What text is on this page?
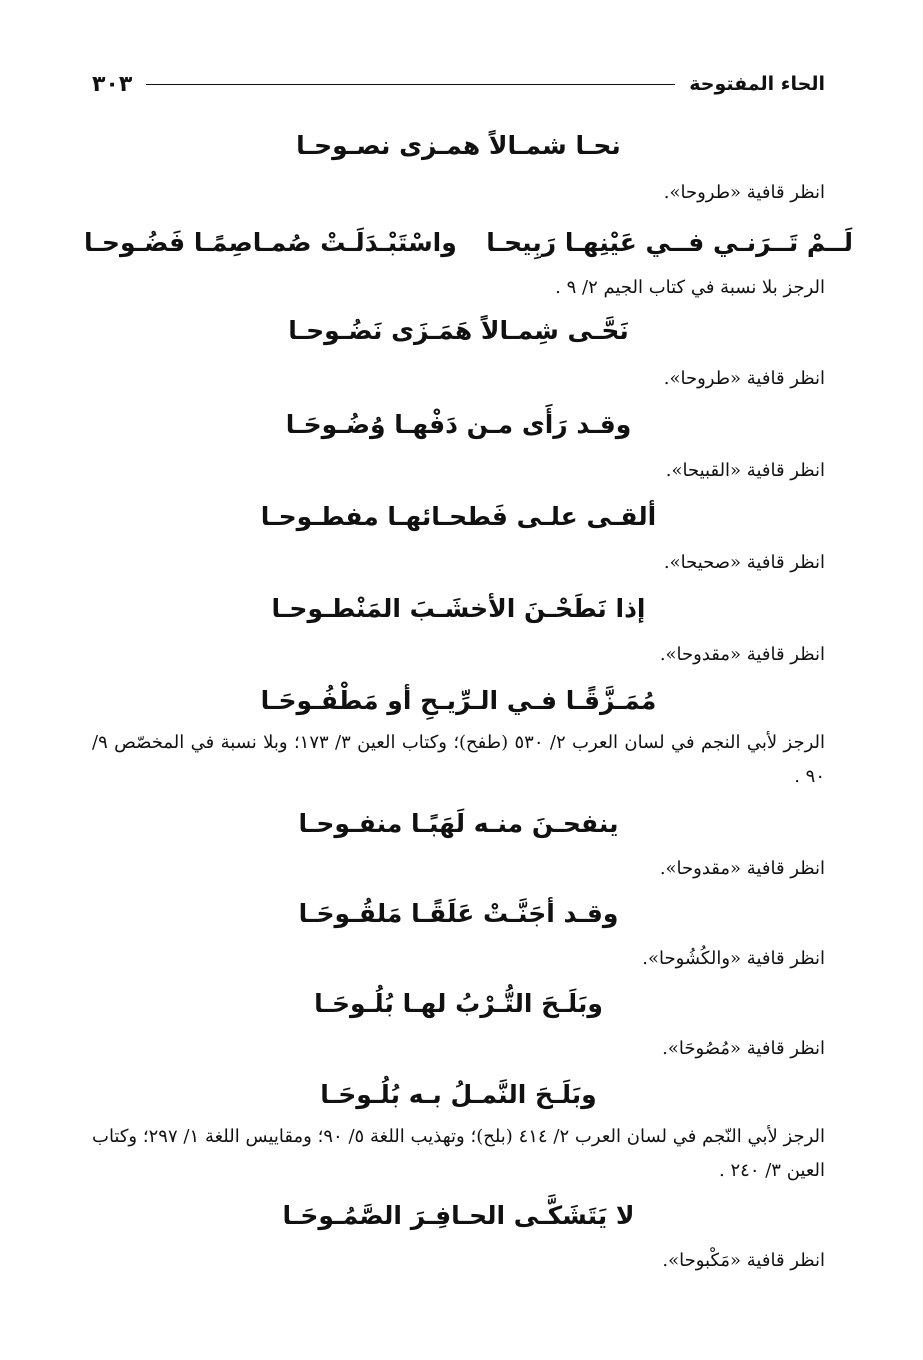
الحاء المفتوحة
٣٠٣
نحـا شمـالاً همـزى نصـوحـا
انظر قافية «طروحا».
لَــمْ تَــرَنـي فــي عَيْنِهـا رَبِيحـا
واسْتَبْـدَلَـتْ صُمـاصِمًـا فَضُـوحـا
الرجز بلا نسبة في كتاب الجيم ٢/ ٩ .
نَحَّـى شِمـالاً هَمَـزَى نَضُـوحـا
انظر قافية «طروحا».
وقـد رَأَى مـن دَفْهـا وُضُـوحَـا
انظر قافية «القبيحا».
ألقـى علـى فَطحـائهـا مفطـوحـا
انظر قافية «صحيحا».
إذا نَطَحْـنَ الأخشَـبَ المَنْطـوحـا
انظر قافية «مقدوحا».
مُمَـزَّقًـا فـي الـرِّيـحِ أو مَطْفُـوحَـا
الرجز لأبي النجم في لسان العرب ٢/ ٥٣٠ (طفح)؛ وكتاب العين ٣/ ١٧٣؛ وبلا نسبة في المخصّص ٩/ ٩٠ .
ينفحـنَ منـه لَهَبًـا منفـوحـا
انظر قافية «مقدوحا».
وقـد أجَنَّـتْ عَلَقًـا مَلقُـوحَـا
انظر قافية «والكُشُوحا».
وبَلَـحَ التُّـرْبُ لهـا بُلُـوحَـا
انظر قافية «مُصُوحَا».
وبَلَـحَ النَّمـلُ بـه بُلُـوحَـا
الرجز لأبي النّجم في لسان العرب ٢/ ٤١٤ (بلح)؛ وتهذيب اللغة ٥/ ٩٠؛ ومقاييس اللغة ١/ ٢٩٧؛ وكتاب العين ٣/ ٢٤٠ .
لا يَتَشَكَّـى الحـافِـرَ الصَّمُـوحَـا
انظر قافية «مَكْبوحا».
